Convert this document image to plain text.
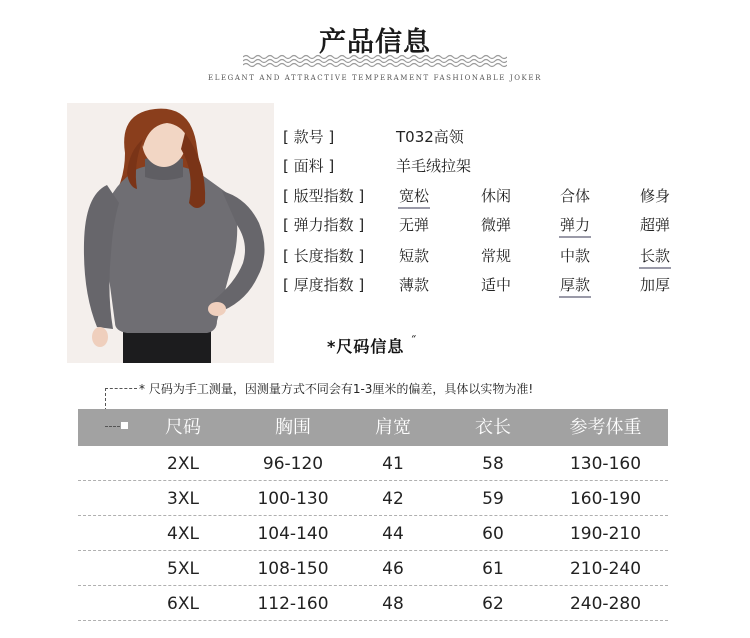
产品信息
ELEGANT AND ATTRACTIVE TEMPERAMENT FASHIONABLE JOKER
[ 款号 ]	T032高领
[ 面料 ]	羊毛绒拉架
[ 版型指数 ] 宽松	休闲	合体	修身
[ 弹力指数 ] 无弹	微弹	弹力	超弹
[ 长度指数 ] 短款	常规	中款	长款
[ 厚度指数 ] 薄款	适中	厚款	加厚
*尺码信息 ˝
* 尺码为手工测量，因测量方式不同会有1-3厘米的偏差，具体以实物为准!
尺码	胸围	肩宽	衣长	参考体重
2XL	96-120	41	58	130-160
3XL	100-130	42	59	160-190
4XL	104-140	44	60	190-210
5XL	108-150	46	61	210-240
6XL	112-160	48	62	240-280
